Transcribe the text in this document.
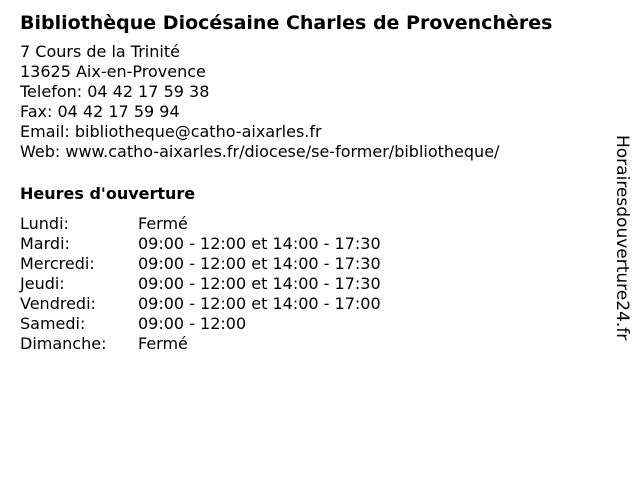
Bibliothèque Diocésaine Charles de Provenchères

7 Cours de la Trinité

13625 Aix-en-Provence

Telefon: 04 42 17 59 38

Fax: 04 42 17 59 94

Email: bibliotheque@catho-aixarles.fr

Web: www.catho-aixarles.fr/diocese/se-former/bibliotheque/

Heures d'ouverture
Lundi:	Fermé
Mardi:	09:00 - 12:00 et 14:00 - 17:30
Mercredi:	09:00 - 12:00 et 14:00 - 17:30
Jeudi:	09:00 - 12:00 et 14:00 - 17:30
Vendredi:	09:00 - 12:00 et 14:00 - 17:00
Samedi:	09:00 - 12:00
Dimanche:	Fermé
Horairesdouverture24.fr
